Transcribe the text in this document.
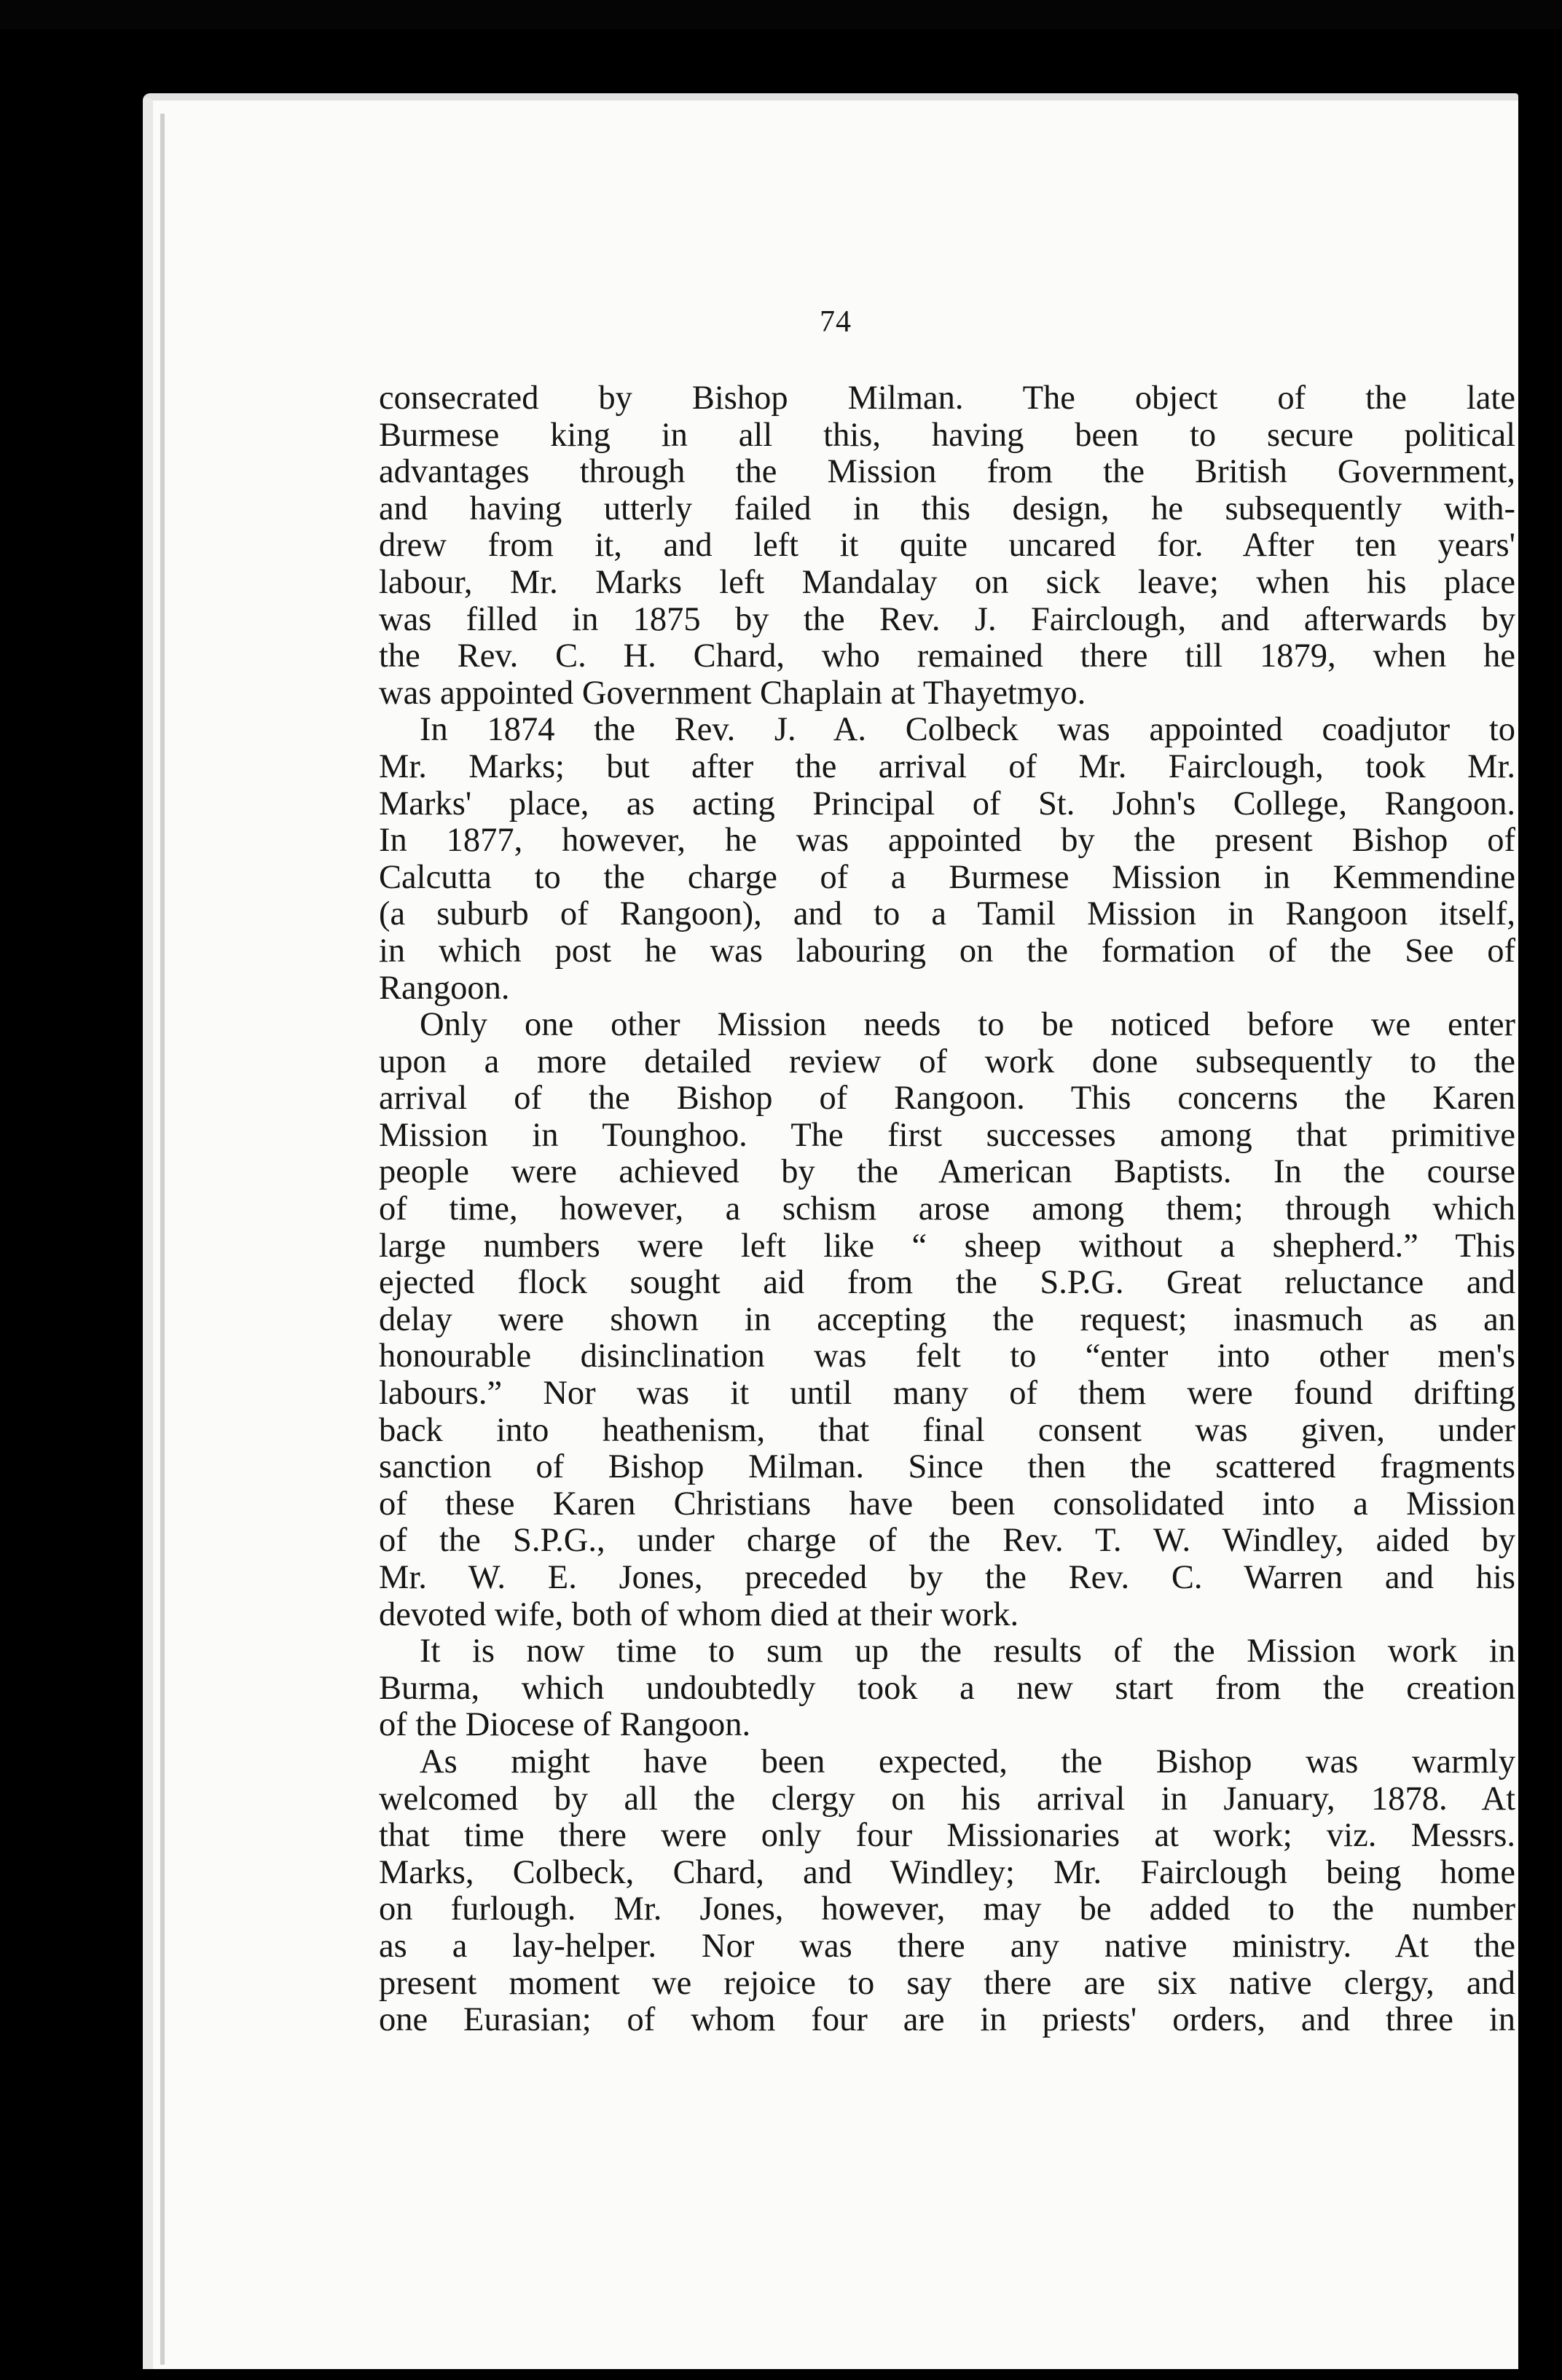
74
consecrated by Bishop Milman. The object of the late
Burmese king in all this, having been to secure political
advantages through the Mission from the British Government,
and having utterly failed in this design, he subsequently with-
drew from it, and left it quite uncared for. After ten years'
labour, Mr. Marks left Mandalay on sick leave; when his place
was filled in 1875 by the Rev. J. Fairclough, and afterwards by
the Rev. C. H. Chard, who remained there till 1879, when he
was appointed Government Chaplain at Thayetmyo.
In 1874 the Rev. J. A. Colbeck was appointed coadjutor to
Mr. Marks; but after the arrival of Mr. Fairclough, took Mr.
Marks' place, as acting Principal of St. John's College, Rangoon.
In 1877, however, he was appointed by the present Bishop of
Calcutta to the charge of a Burmese Mission in Kemmendine
(a suburb of Rangoon), and to a Tamil Mission in Rangoon itself,
in which post he was labouring on the formation of the See of
Rangoon.
Only one other Mission needs to be noticed before we enter
upon a more detailed review of work done subsequently to the
arrival of the Bishop of Rangoon. This concerns the Karen
Mission in Tounghoo. The first successes among that primitive
people were achieved by the American Baptists. In the course
of time, however, a schism arose among them; through which
large numbers were left like “ sheep without a shepherd.” This
ejected flock sought aid from the S.P.G. Great reluctance and
delay were shown in accepting the request; inasmuch as an
honourable disinclination was felt to “enter into other men's
labours.” Nor was it until many of them were found drifting
back into heathenism, that final consent was given, under
sanction of Bishop Milman. Since then the scattered fragments
of these Karen Christians have been consolidated into a Mission
of the S.P.G., under charge of the Rev. T. W. Windley, aided by
Mr. W. E. Jones, preceded by the Rev. C. Warren and his
devoted wife, both of whom died at their work.
It is now time to sum up the results of the Mission work in
Burma, which undoubtedly took a new start from the creation
of the Diocese of Rangoon.
As might have been expected, the Bishop was warmly
welcomed by all the clergy on his arrival in January, 1878. At
that time there were only four Missionaries at work; viz. Messrs.
Marks, Colbeck, Chard, and Windley; Mr. Fairclough being home
on furlough. Mr. Jones, however, may be added to the number
as a lay-helper. Nor was there any native ministry. At the
present moment we rejoice to say there are six native clergy, and
one Eurasian; of whom four are in priests' orders, and three in
